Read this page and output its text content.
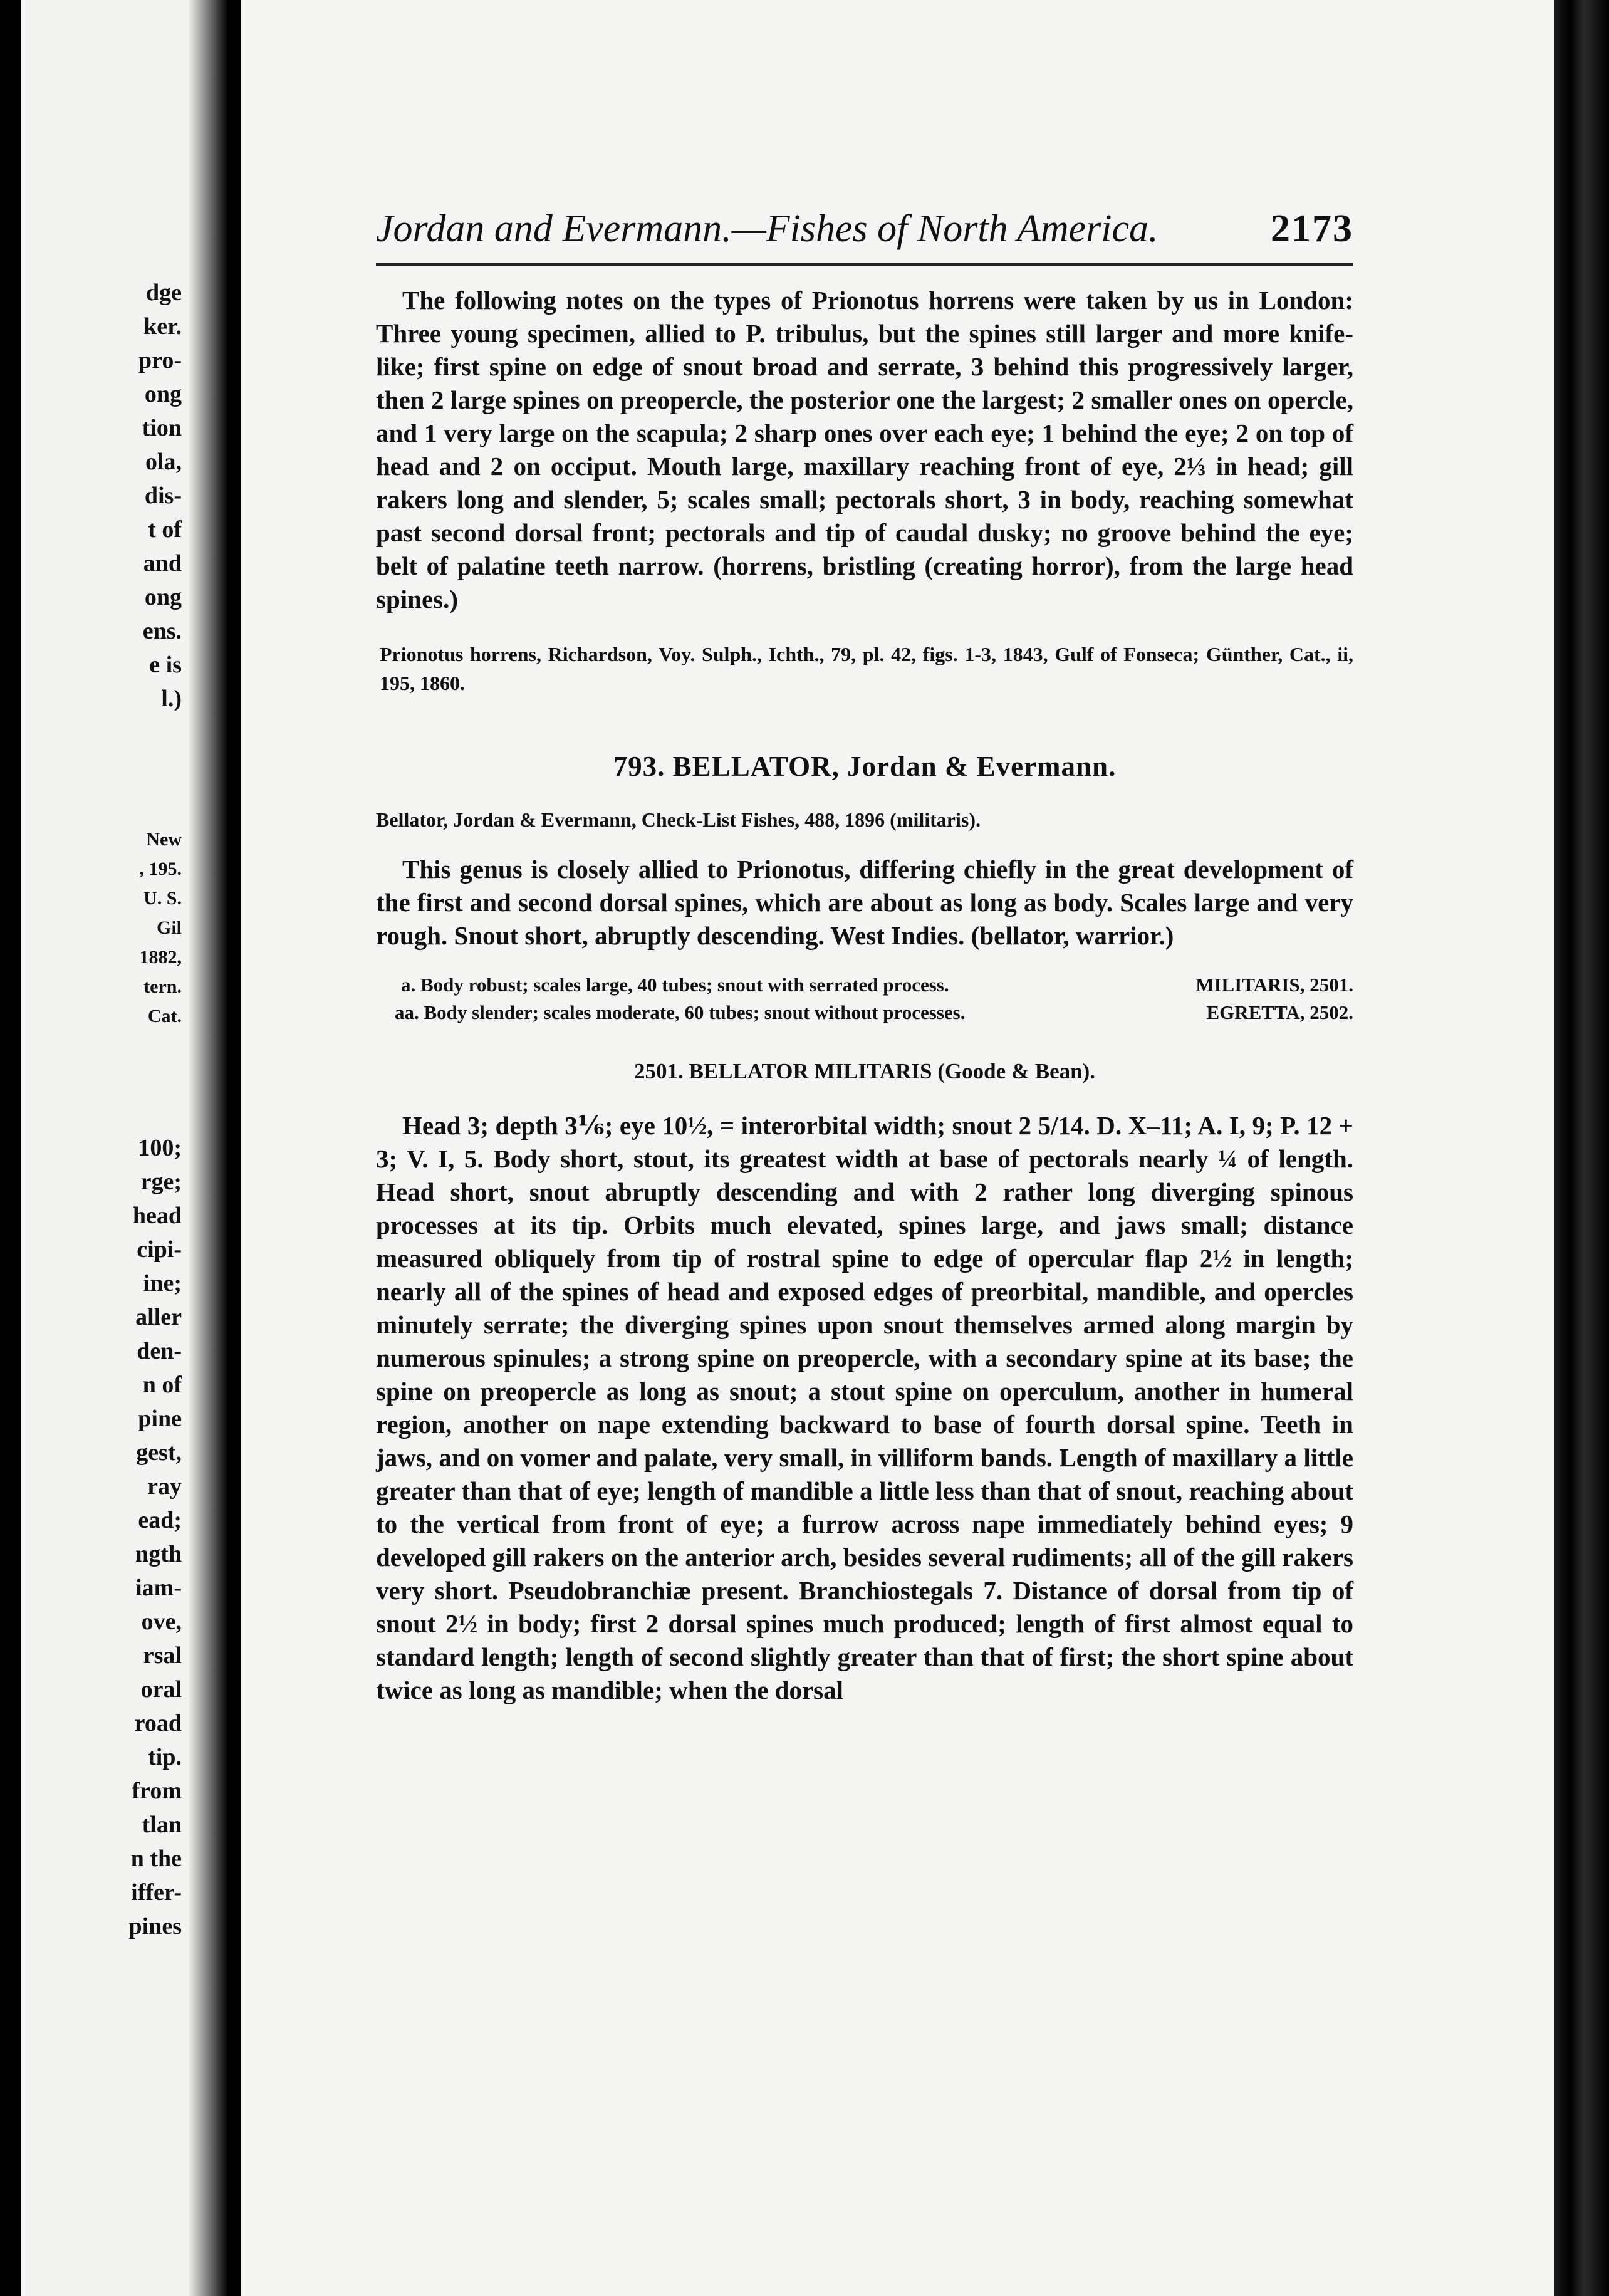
dge
ker.
pro-
ong
tion
ola,
dis-
t of
and
ong
ens.
e is
l.)
New
, 195.
U. S.
Gil
1882,
tern.
Cat.
100;
rge;
head
cipi-
ine;
aller
den-
n of
pine
gest,
ray
ead;
ngth
iam-
ove,
rsal
oral
road
tip.
from
tlan
n the
iffer-
pines
Jordan and Evermann.—Fishes of North America.	2173

The following notes on the types of Prionotus horrens were taken by us in London: Three young specimen, allied to P. tribulus, but the spines still larger and more knife-like; first spine on edge of snout broad and serrate, 3 behind this progressively larger, then 2 large spines on preopercle, the posterior one the largest; 2 smaller ones on opercle, and 1 very large on the scapula; 2 sharp ones over each eye; 1 behind the eye; 2 on top of head and 2 on occiput. Mouth large, maxillary reaching front of eye, 2⅓ in head; gill rakers long and slender, 5; scales small; pectorals short, 3 in body, reaching somewhat past second dorsal front; pectorals and tip of caudal dusky; no groove behind the eye; belt of palatine teeth narrow. (horrens, bristling (creating horror), from the large head spines.)

Prionotus horrens, Richardson, Voy. Sulph., Ichth., 79, pl. 42, figs. 1-3, 1843, Gulf of Fonseca; Günther, Cat., ii, 195, 1860.

793. BELLATOR, Jordan & Evermann.
Bellator, Jordan & Evermann, Check-List Fishes, 488, 1896 (militaris).

This genus is closely allied to Prionotus, differing chiefly in the great development of the first and second dorsal spines, which are about as long as body. Scales large and very rough. Snout short, abruptly descending. West Indies. (bellator, warrior.)

a. Body robust; scales large, 40 tubes; snout with serrated process.	MILITARIS, 2501.
aa. Body slender; scales moderate, 60 tubes; snout without processes.	EGRETTA, 2502.
2501. BELLATOR MILITARIS (Goode & Bean).

Head 3; depth 3⅙; eye 10½, = interorbital width; snout 2 5/14. D. X–11; A. I, 9; P. 12 + 3; V. I, 5. Body short, stout, its greatest width at base of pectorals nearly ¼ of length. Head short, snout abruptly descending and with 2 rather long diverging spinous processes at its tip. Orbits much elevated, spines large, and jaws small; distance measured obliquely from tip of rostral spine to edge of opercular flap 2½ in length; nearly all of the spines of head and exposed edges of preorbital, mandible, and opercles minutely serrate; the diverging spines upon snout themselves armed along margin by numerous spinules; a strong spine on preopercle, with a secondary spine at its base; the spine on preopercle as long as snout; a stout spine on operculum, another in humeral region, another on nape extending backward to base of fourth dorsal spine. Teeth in jaws, and on vomer and palate, very small, in villiform bands. Length of maxillary a little greater than that of eye; length of mandible a little less than that of snout, reaching about to the vertical from front of eye; a furrow across nape immediately behind eyes; 9 developed gill rakers on the anterior arch, besides several rudiments; all of the gill rakers very short. Pseudobranchiæ present. Branchiostegals 7. Distance of dorsal from tip of snout 2½ in body; first 2 dorsal spines much produced; length of first almost equal to standard length; length of second slightly greater than that of first; the short spine about twice as long as mandible; when the dorsal
